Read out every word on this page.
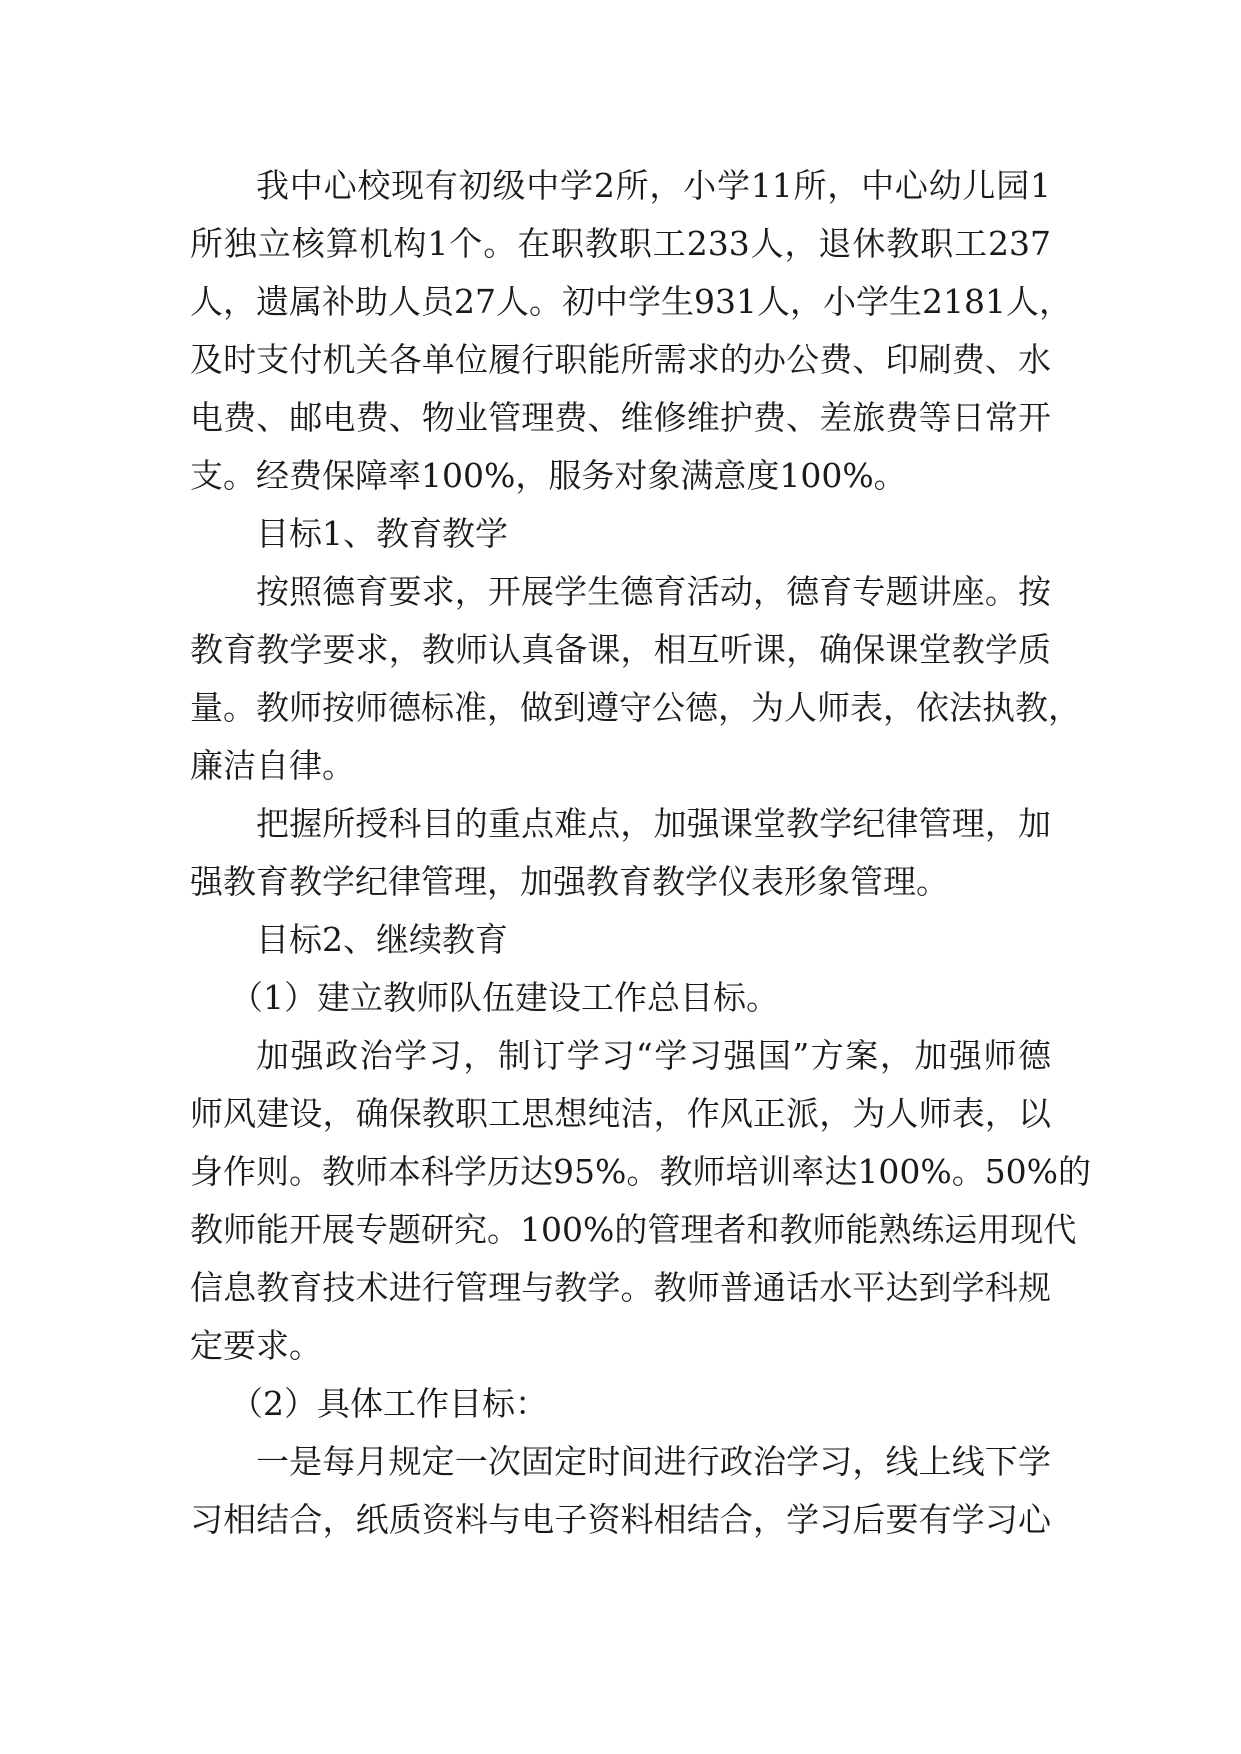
我中心校现有初级中学2所，小学11所，中心幼儿园1
所独立核算机构1个。在职教职工233人，退休教职工237
人，遗属补助人员27人。初中学生931人，小学生2181人，
及时支付机关各单位履行职能所需求的办公费、印刷费、水
电费、邮电费、物业管理费、维修维护费、差旅费等日常开
支。经费保障率100%，服务对象满意度100%。
目标1、教育教学
按照德育要求，开展学生德育活动，德育专题讲座。按
教育教学要求，教师认真备课，相互听课，确保课堂教学质
量。教师按师德标准，做到遵守公德，为人师表，依法执教，
廉洁自律。
把握所授科目的重点难点，加强课堂教学纪律管理，加
强教育教学纪律管理，加强教育教学仪表形象管理。
目标2、继续教育
（1）建立教师队伍建设工作总目标。
加强政治学习，制订学习“学习强国”方案，加强师德
师风建设，确保教职工思想纯洁，作风正派，为人师表，以
身作则。教师本科学历达95%。教师培训率达100%。50%的
教师能开展专题研究。100%的管理者和教师能熟练运用现代
信息教育技术进行管理与教学。教师普通话水平达到学科规
定要求。
（2）具体工作目标：
一是每月规定一次固定时间进行政治学习，线上线下学
习相结合，纸质资料与电子资料相结合，学习后要有学习心
